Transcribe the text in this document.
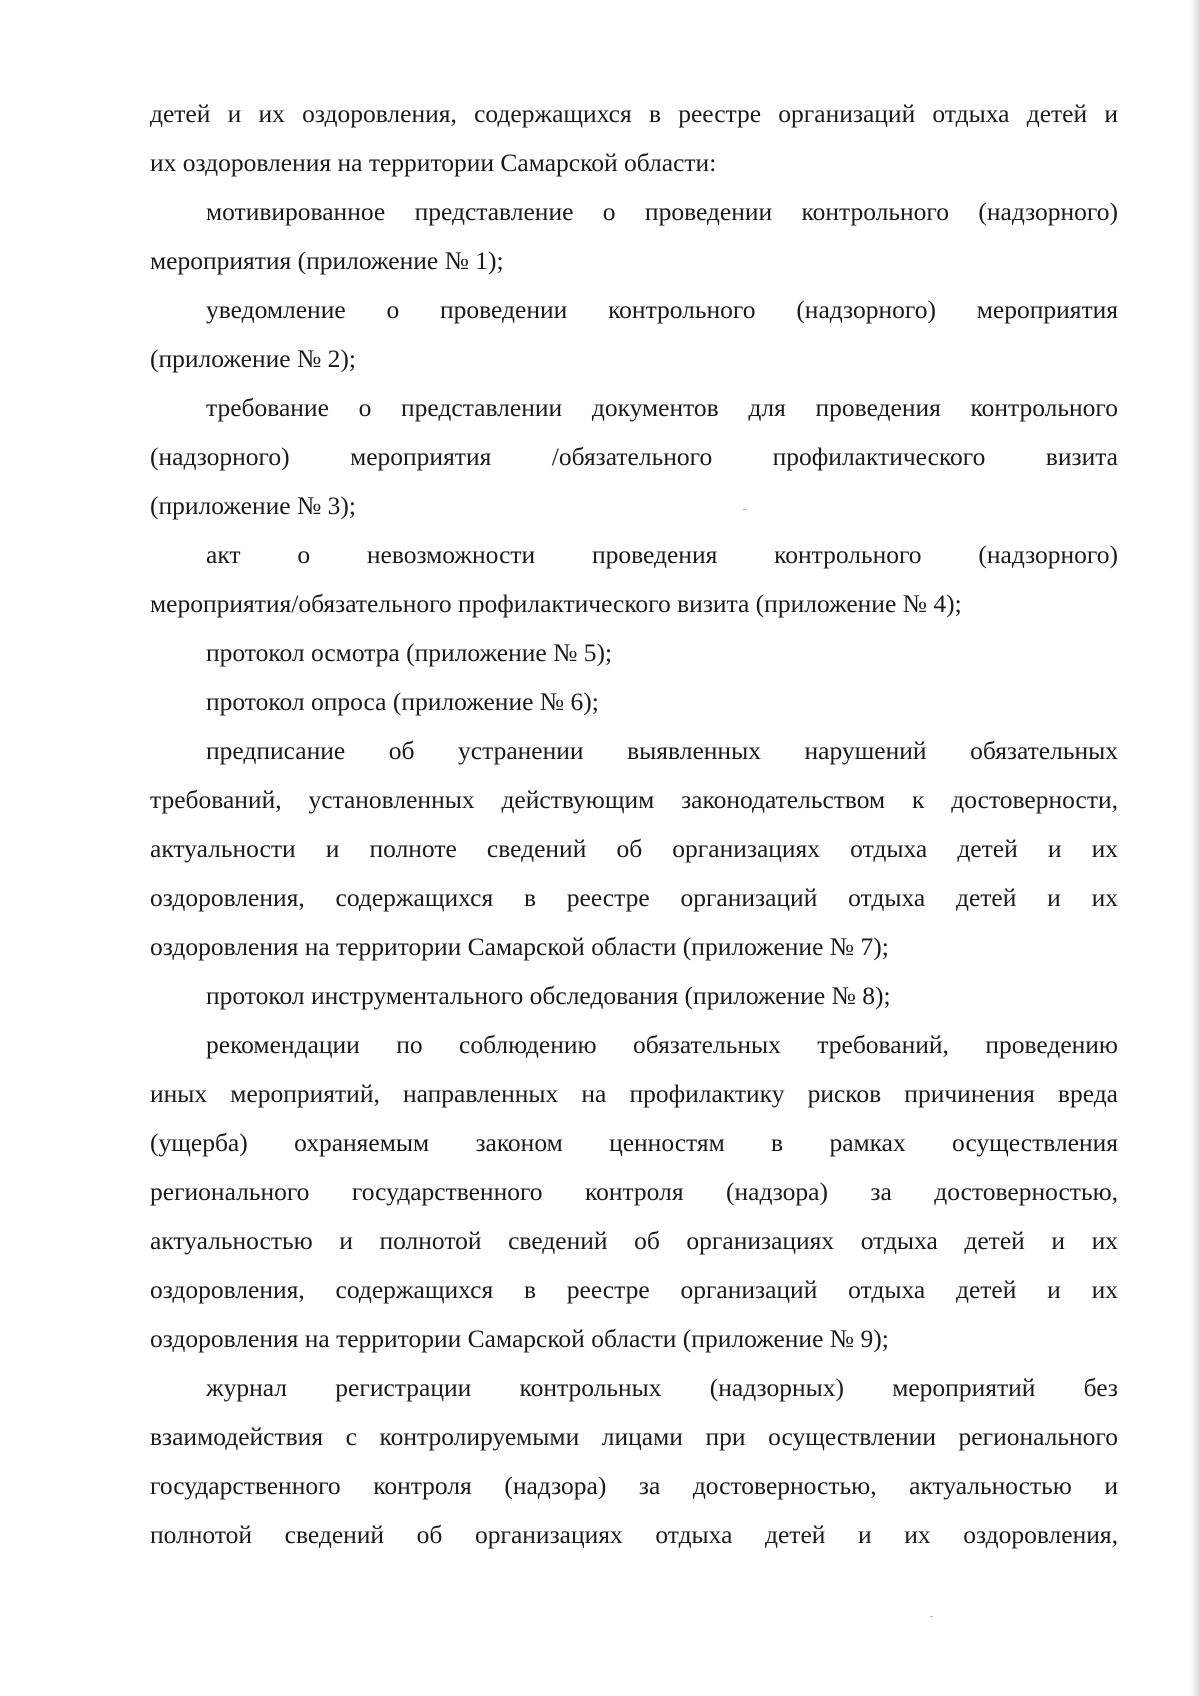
детей и их оздоровления, содержащихся в реестре организаций отдыха детей и
их оздоровления на территории Самарской области:
мотивированное представление о проведении контрольного (надзорного)
мероприятия (приложение № 1);
уведомление о проведении контрольного (надзорного) мероприятия
(приложение № 2);
требование о представлении документов для проведения контрольного
(надзорного) мероприятия /обязательного профилактического визита
(приложение № 3);
акт о невозможности проведения контрольного (надзорного)
мероприятия/обязательного профилактического визита (приложение № 4);
протокол осмотра (приложение № 5);
протокол опроса (приложение № 6);
предписание об устранении выявленных нарушений обязательных
требований, установленных действующим законодательством к достоверности,
актуальности и полноте сведений об организациях отдыха детей и их
оздоровления, содержащихся в реестре организаций отдыха детей и их
оздоровления на территории Самарской области (приложение № 7);
протокол инструментального обследования (приложение № 8);
рекомендации по соблюдению обязательных требований, проведению
иных мероприятий, направленных на профилактику рисков причинения вреда
(ущерба) охраняемым законом ценностям в рамках осуществления
регионального государственного контроля (надзора) за достоверностью,
актуальностью и полнотой сведений об организациях отдыха детей и их
оздоровления, содержащихся в реестре организаций отдыха детей и их
оздоровления на территории Самарской области (приложение № 9);
журнал регистрации контрольных (надзорных) мероприятий без
взаимодействия с контролируемыми лицами при осуществлении регионального
государственного контроля (надзора) за достоверностью, актуальностью и
полнотой сведений об организациях отдыха детей и их оздоровления,
